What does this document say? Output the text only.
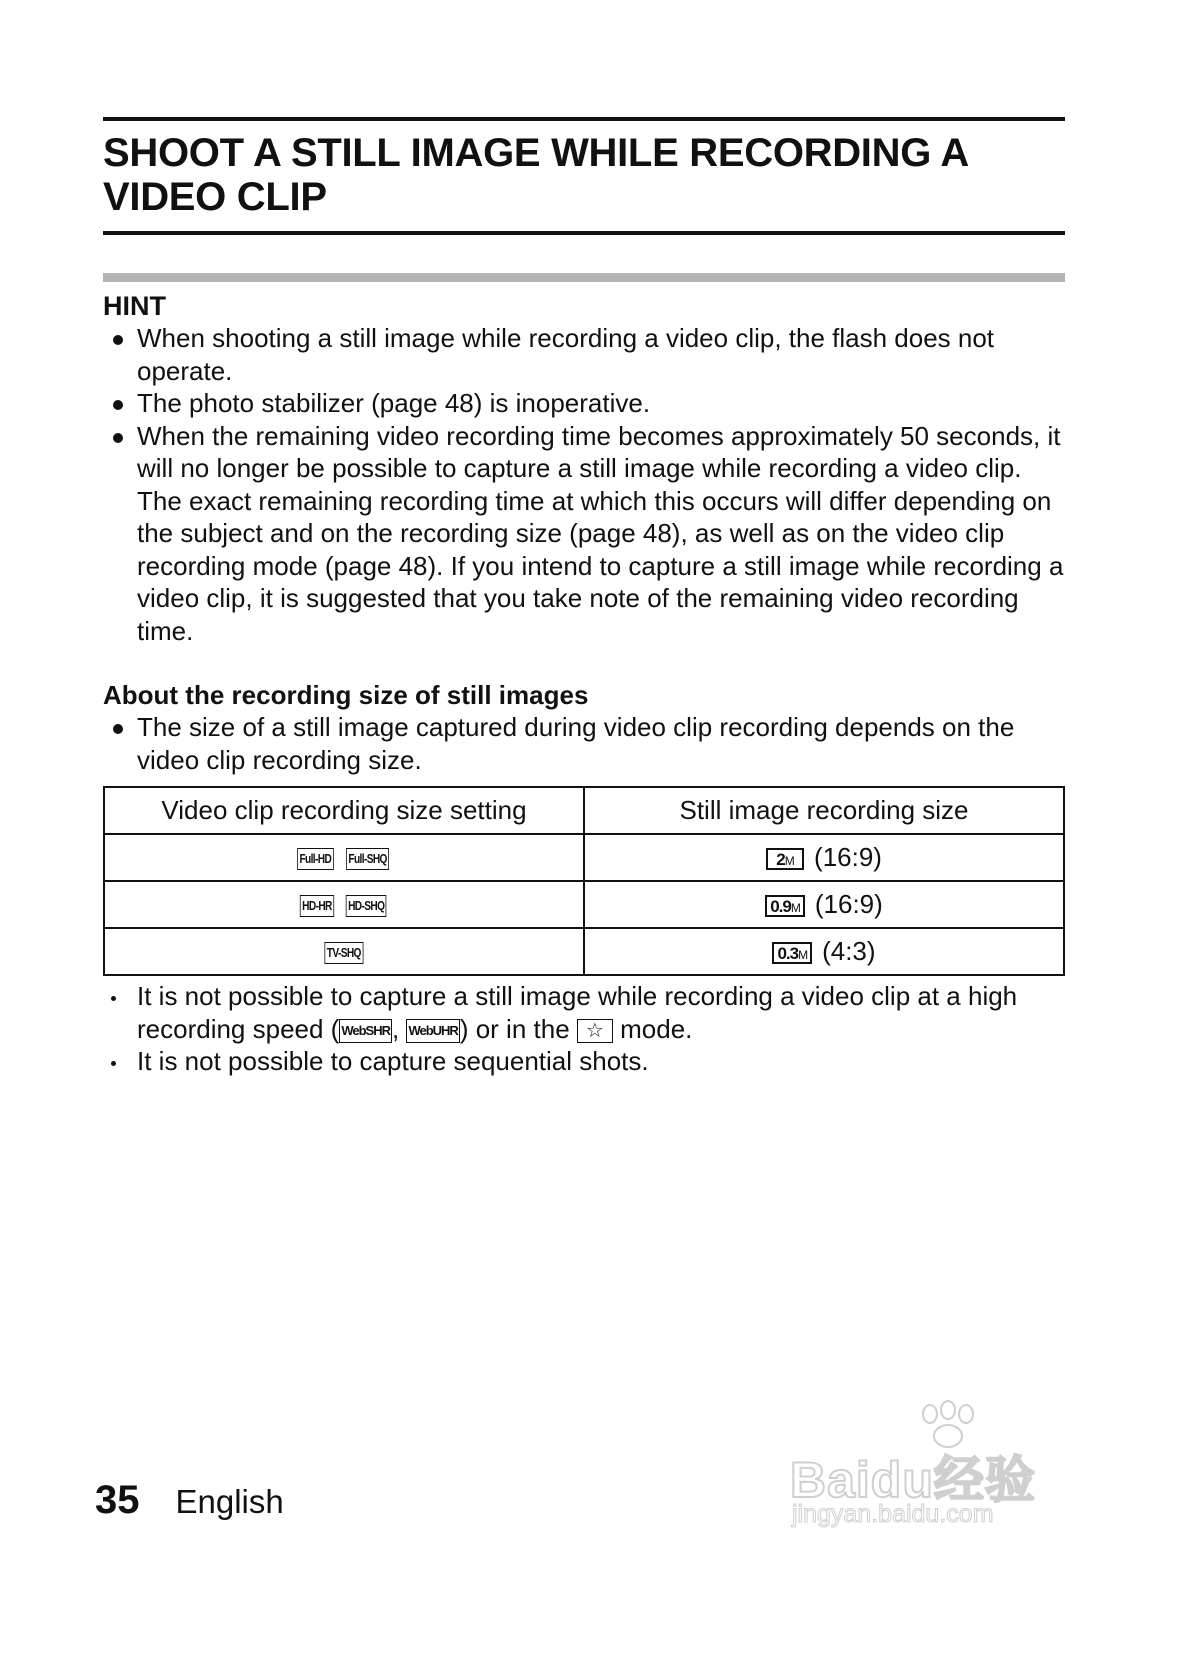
SHOOT A STILL IMAGE WHILE RECORDING A VIDEO CLIP
HINT
When shooting a still image while recording a video clip, the flash does not operate.
The photo stabilizer (page 48) is inoperative.
When the remaining video recording time becomes approximately 50 seconds, it will no longer be possible to capture a still image while recording a video clip. The exact remaining recording time at which this occurs will differ depending on the subject and on the recording size (page 48), as well as on the video clip recording mode (page 48). If you intend to capture a still image while recording a video clip, it is suggested that you take note of the remaining video recording time.
About the recording size of still images
The size of a still image captured during video clip recording depends on the video clip recording size.
Video clip recording size setting	Still image recording size
Full-HD Full-SHQ	2M (16:9)
HD-HR HD-SHQ	0.9M (16:9)
TV-SHQ	0.3M (4:3)
It is not possible to capture a still image while recording a video clip at a high recording speed ( WebSHR, WebUHR) or in the ☆ mode.
It is not possible to capture sequential shots.
35 English	Baidu经验
jingyan.baidu.com
